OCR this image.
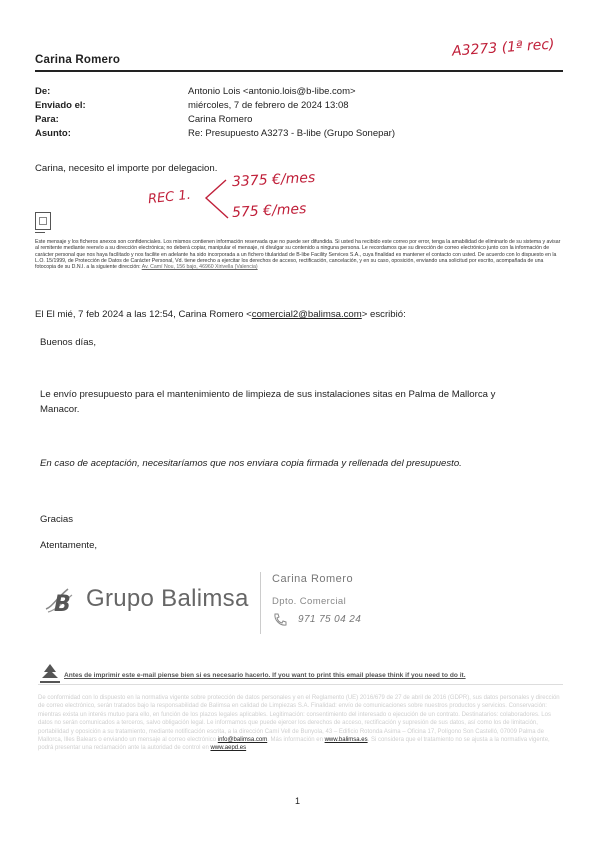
Carina Romero
A3273 (1ª rec)
De:	Antonio Lois <antonio.lois@b-libe.com>
Enviado el:	miércoles, 7 de febrero de 2024 13:08
Para:	Carina Romero
Asunto:	Re: Presupuesto A3273 - B-libe (Grupo Sonepar)
Carina, necesito el importe por delegacion.
REC 1.
3375 €/mes
575 €/mes
Este mensaje y los ficheros anexos son confidenciales. Los mismos contienen información reservada que no puede ser difundida. Si usted ha recibido este correo por error, tenga la amabilidad de eliminarlo de su sistema y avisar al remitente mediante reenvío a su dirección electrónica; no deberá copiar, manipular el mensaje, ni divulgar su contenido a ninguna persona. Le recordamos que su dirección de correo electrónico junto con la información de carácter personal que nos haya facilitado y nos facilite en adelante ha sido incorporada a un fichero titularidad de B-libe Facility Services S.A., cuya finalidad es mantener el contacto con usted. De acuerdo con lo dispuesto en la L.O. 15/1999, de Protección de Datos de Carácter Personal, Vd. tiene derecho a ejercitar los derechos de acceso, rectificación, cancelación, y en su caso, oposición, enviando una solicitud por escrito, acompañada de una fotocopia de su D.N.I. a la siguiente dirección: Av. Camí Nou, 156 bajo, 46960 Xirivella (Valencia)
El El mié, 7 feb 2024 a las 12:54, Carina Romero <comercial2@balimsa.com> escribió:
Buenos días,
Le envío presupuesto para el mantenimiento de limpieza de sus instalaciones sitas en Palma de Mallorca y Manacor.
En caso de aceptación, necesitaríamos que nos enviara copia firmada y rellenada del presupuesto.
Gracias
Atentamente,
B Grupo Balimsa
Carina Romero
Dpto. Comercial
971 75 04 24
Antes de imprimir este e-mail piense bien si es necesario hacerlo. If you want to print this email please think if you need to do it.
De conformidad con lo dispuesto en la normativa vigente sobre protección de datos personales y en el Reglamento (UE) 2016/679 de 27 de abril de 2016 (GDPR), sus datos personales y dirección de correo electrónico, serán tratados bajo la responsabilidad de Balimsa en calidad de Limpiezas S.A. Finalidad: envío de comunicaciones sobre nuestros productos y servicios. Conservación: mientras exista un interés mutuo para ello, en función de los plazos legales aplicables. Legitimación: consentimiento del interesado o ejecución de un contrato. Destinatarios: colaboradores. Los datos no serán comunicados a terceros, salvo obligación legal. Le informamos que puede ejercer los derechos de acceso, rectificación y supresión de sus datos, así como los de limitación, portabilidad y oposición a su tratamiento, mediante notificación escrita, a la dirección Camí Vell de Bunyola, 43 – Edificio Rotonda Asima – Oficina 17, Polígono Son Castelló, 07009 Palma de Mallorca, Illes Balears o enviando un mensaje al correo electrónico info@balimsa.com. Más información en www.balimsa.es. Si considera que el tratamiento no se ajusta a la normativa vigente, podrá presentar una reclamación ante la autoridad de control en www.aepd.es
1
